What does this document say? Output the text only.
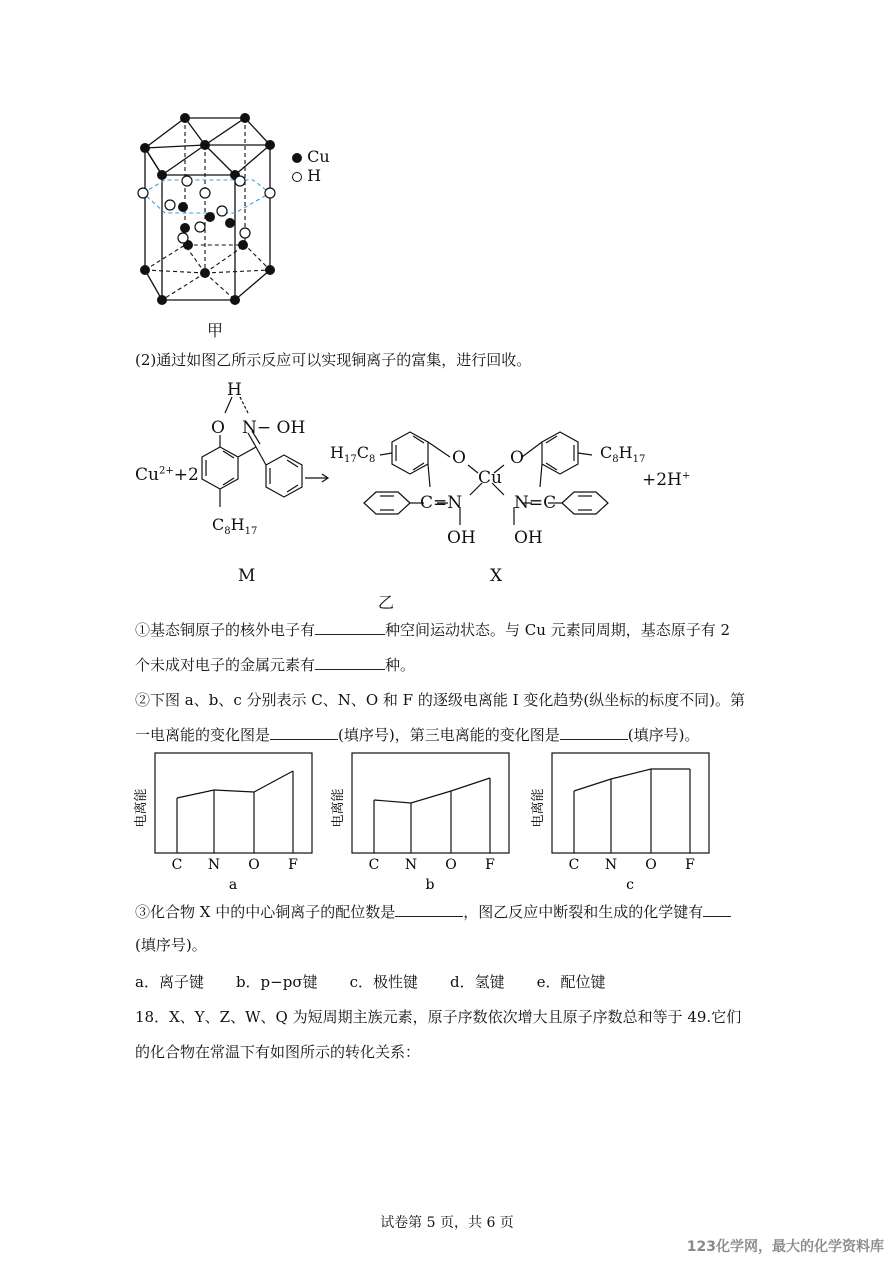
Cu
H
甲
(2)通过如图乙所示反应可以实现铜离子的富集，进行回收。
$Cu^{2+}+2$
H
O N− OH
$C_8H_{17}$
M
$H_{17}C_8$	O
Cu
O	$C_8H_{17}$
C=N	N=C
OH OH
+2H+
X
乙
①基态铜原子的核外电子有	种空间运动状态。与 Cu 元素同周期，基态原子有 2
个未成对电子的金属元素有	种。
②下图 a、b、c 分别表示 C、N、O 和 F 的逐级电离能 I 变化趋势(纵坐标的标度不同)。第
一电离能的变化图是	(填序号)，第三电离能的变化图是	(填序号)。
C N O F
电离能
a
C N O F
电离能
b
C N O F
电离能
c
③化合物 X 中的中心铜离子的配位数是	，图乙反应中断裂和生成的化学键有
(填序号)。
a．离子键 b．p−pσ键 c．极性键 d．氢键 e．配位键
18．X、Y、Z、W、Q 为短周期主族元素，原子序数依次增大且原子序数总和等于 49.它们
的化合物在常温下有如图所示的转化关系：
试卷第 5 页，共 6 页
123化学网，最大的化学资料库
